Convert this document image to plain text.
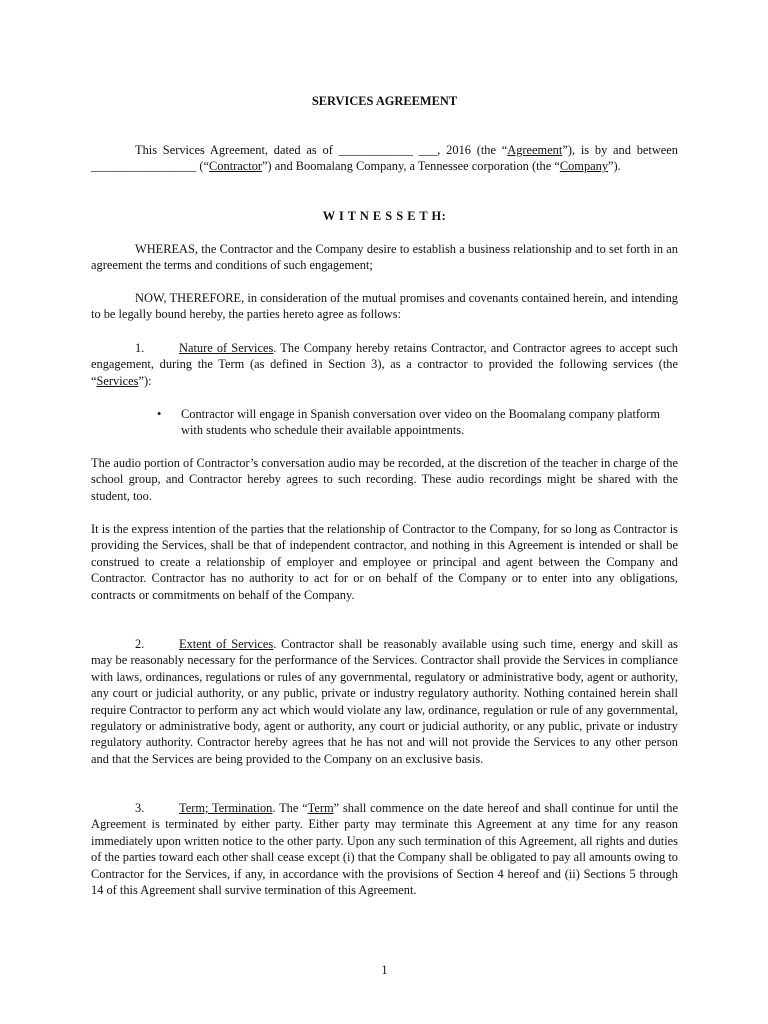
SERVICES AGREEMENT

This Services Agreement, dated as of ____________ ___, 2016 (the “Agreement”), is by and between _________________ (“Contractor”) and Boomalang Company, a Tennessee corporation (the “Company”).

W I T N E S S E T H:

WHEREAS, the Contractor and the Company desire to establish a business relationship and to set forth in an agreement the terms and conditions of such engagement;

NOW, THEREFORE, in consideration of the mutual promises and covenants contained herein, and intending to be legally bound hereby, the parties hereto agree as follows:

1.	Nature of Services. The Company hereby retains Contractor, and Contractor agrees to accept such engagement, during the Term (as defined in Section 3), as a contractor to provided the following services (the “Services”):

• Contractor will engage in Spanish conversation over video on the Boomalang company platform with students who schedule their available appointments.

The audio portion of Contractor’s conversation audio may be recorded, at the discretion of the teacher in charge of the school group, and Contractor hereby agrees to such recording. These audio recordings might be shared with the student, too.

It is the express intention of the parties that the relationship of Contractor to the Company, for so long as Contractor is providing the Services, shall be that of independent contractor, and nothing in this Agreement is intended or shall be construed to create a relationship of employer and employee or principal and agent between the Company and Contractor. Contractor has no authority to act for or on behalf of the Company or to enter into any obligations, contracts or commitments on behalf of the Company.

2.	Extent of Services. Contractor shall be reasonably available using such time, energy and skill as may be reasonably necessary for the performance of the Services. Contractor shall provide the Services in compliance with laws, ordinances, regulations or rules of any governmental, regulatory or administrative body, agent or authority, any court or judicial authority, or any public, private or industry regulatory authority. Nothing contained herein shall require Contractor to perform any act which would violate any law, ordinance, regulation or rule of any governmental, regulatory or administrative body, agent or authority, any court or judicial authority, or any public, private or industry regulatory authority. Contractor hereby agrees that he has not and will not provide the Services to any other person and that the Services are being provided to the Company on an exclusive basis.

3.	Term; Termination. The “Term” shall commence on the date hereof and shall continue for until the Agreement is terminated by either party. Either party may terminate this Agreement at any time for any reason immediately upon written notice to the other party. Upon any such termination of this Agreement, all rights and duties of the parties toward each other shall cease except (i) that the Company shall be obligated to pay all amounts owing to Contractor for the Services, if any, in accordance with the provisions of Section 4 hereof and (ii) Sections 5 through 14 of this Agreement shall survive termination of this Agreement.

1
